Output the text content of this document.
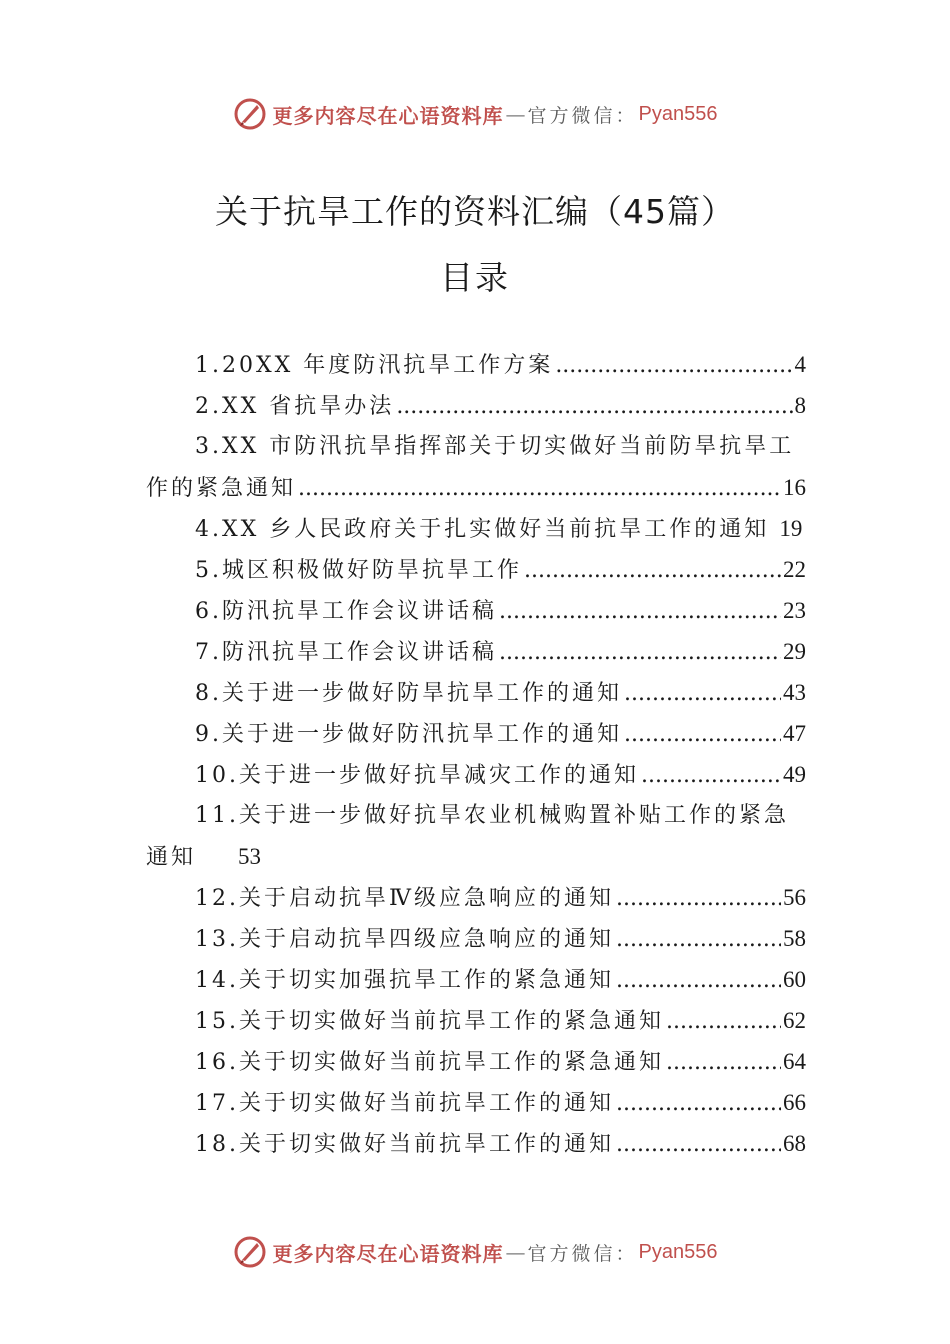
更多内容尽在心语资料库 — 官方微信 ： Pyan556
关于抗旱工作的资料汇编（45篇）
目录
1.20XX 年度防汛抗旱工作方案 .....	4
2.XX 省抗旱办法 .....	8
3.XX 市防汛抗旱指挥部关于切实做好当前防旱抗旱工
作的紧急通知 .....	16
4.XX 乡人民政府关于扎实做好当前抗旱工作的通知 19
5.城区积极做好防旱抗旱工作 .....	22
6.防汛抗旱工作会议讲话稿 .....	23
7.防汛抗旱工作会议讲话稿 .....	29
8.关于进一步做好防旱抗旱工作的通知 .....	43
9.关于进一步做好防汛抗旱工作的通知 .....	47
10.关于进一步做好抗旱减灾工作的通知 .....	49
11.关于进一步做好抗旱农业机械购置补贴工作的紧急
通知 53
12.关于启动抗旱Ⅳ级应急响应的通知 .....	56
13.关于启动抗旱四级应急响应的通知 .....	58
14.关于切实加强抗旱工作的紧急通知 .....	60
15.关于切实做好当前抗旱工作的紧急通知 .....	62
16.关于切实做好当前抗旱工作的紧急通知 .....	64
17.关于切实做好当前抗旱工作的通知 .....	66
18.关于切实做好当前抗旱工作的通知 .....	68
更多内容尽在心语资料库 — 官方微信 ： Pyan556
